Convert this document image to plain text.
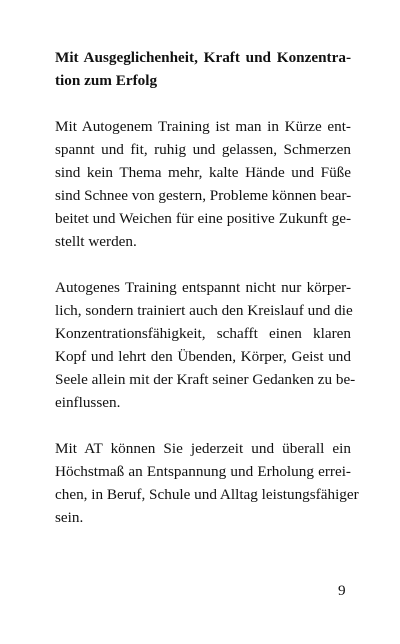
Mit Ausgeglichenheit, Kraft und Konzentra-
tion zum Erfolg
Mit Autogenem Training ist man in Kürze ent-
spannt und fit, ruhig und gelassen, Schmerzen
sind kein Thema mehr, kalte Hände und Füße
sind Schnee von gestern, Probleme können bear-
beitet und Weichen für eine positive Zukunft ge-
stellt werden.
Autogenes Training entspannt nicht nur körper-
lich, sondern trainiert auch den Kreislauf und die
Konzentrationsfähigkeit, schafft einen klaren
Kopf und lehrt den Übenden, Körper, Geist und
Seele allein mit der Kraft seiner Gedanken zu be-
einflussen.
Mit AT können Sie jederzeit und überall ein
Höchstmaß an Entspannung und Erholung errei-
chen, in Beruf, Schule und Alltag leistungsfähiger
sein.
9
